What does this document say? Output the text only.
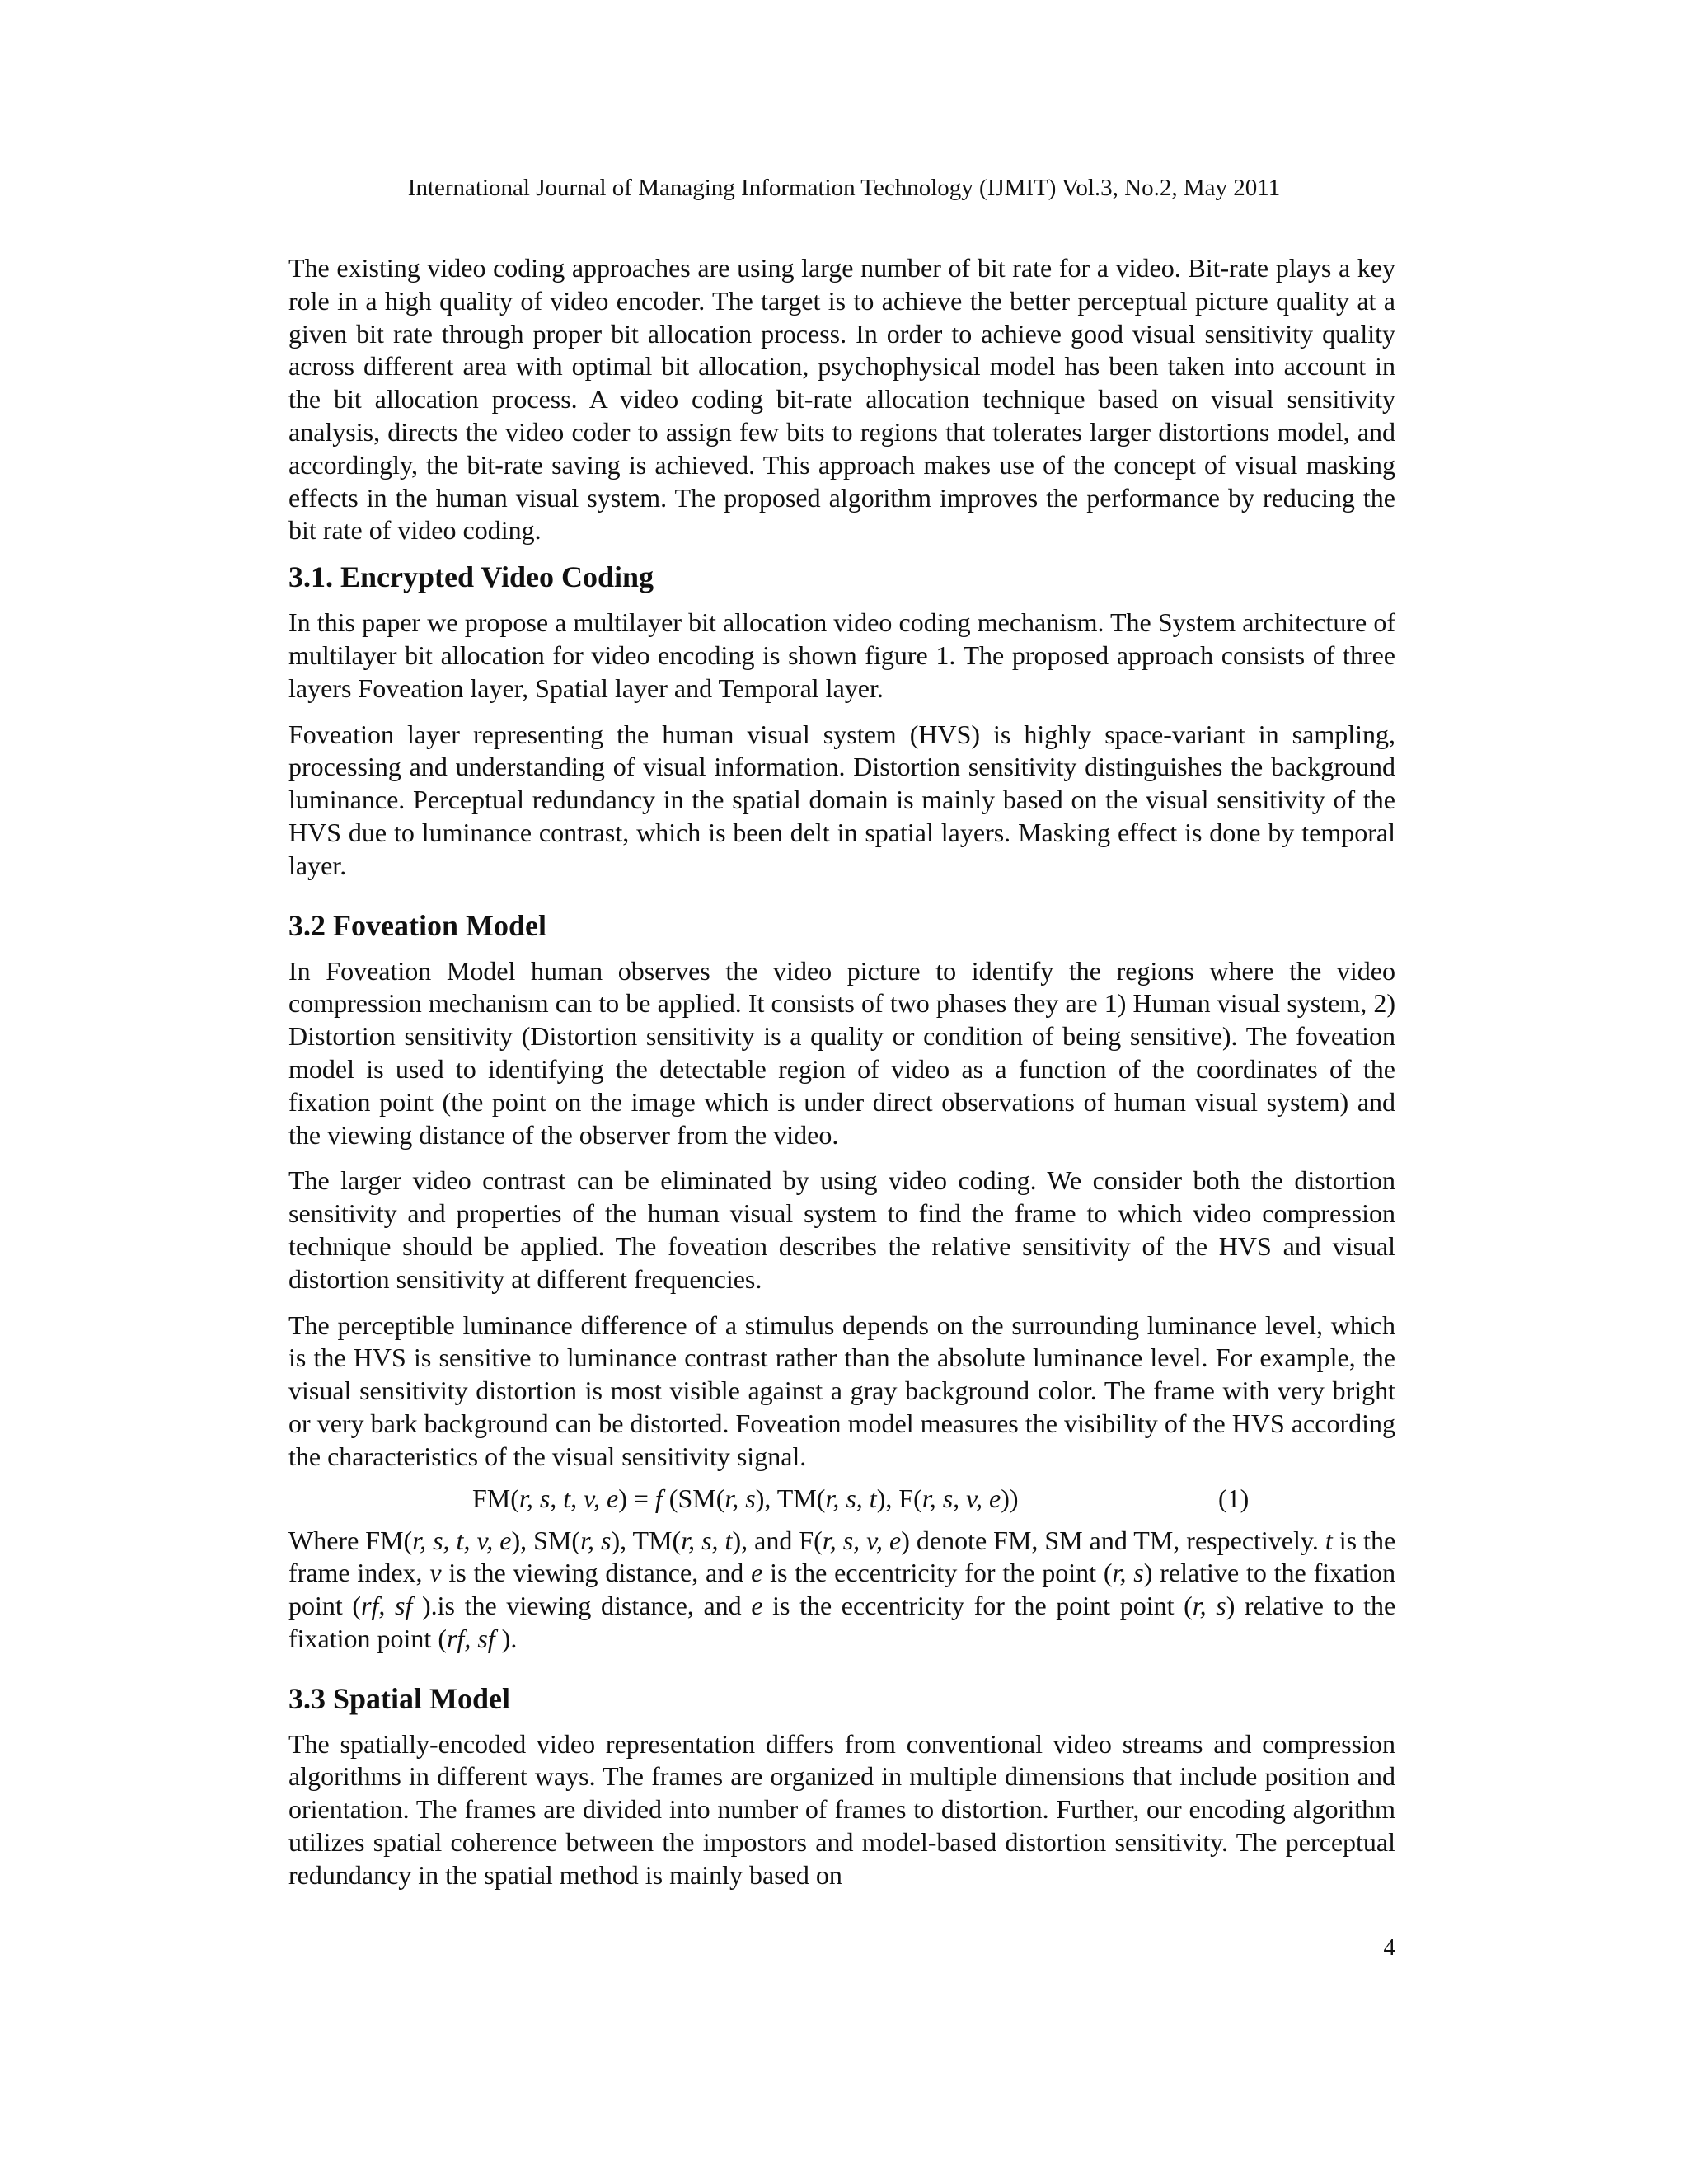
International Journal of Managing Information Technology (IJMIT) Vol.3, No.2, May 2011

The existing video coding approaches are using large number of bit rate for a video. Bit-rate plays a key role in a high quality of video encoder. The target is to achieve the better perceptual picture quality at a given bit rate through proper bit allocation process. In order to achieve good visual sensitivity quality across different area with optimal bit allocation, psychophysical model has been taken into account in the bit allocation process. A video coding bit-rate allocation technique based on visual sensitivity analysis, directs the video coder to assign few bits to regions that tolerates larger distortions model, and accordingly, the bit-rate saving is achieved. This approach makes use of the concept of visual masking effects in the human visual system. The proposed algorithm improves the performance by reducing the bit rate of video coding.

3.1. Encrypted Video Coding

In this paper we propose a multilayer bit allocation video coding mechanism. The System architecture of multilayer bit allocation for video encoding is shown figure 1. The proposed approach consists of three layers Foveation layer, Spatial layer and Temporal layer.

Foveation layer representing the human visual system (HVS) is highly space-variant in sampling, processing and understanding of visual information. Distortion sensitivity distinguishes the background luminance. Perceptual redundancy in the spatial domain is mainly based on the visual sensitivity of the HVS due to luminance contrast, which is been delt in spatial layers. Masking effect is done by temporal layer.

3.2 Foveation Model

In Foveation Model human observes the video picture to identify the regions where the video compression mechanism can to be applied. It consists of two phases they are 1) Human visual system, 2) Distortion sensitivity (Distortion sensitivity is a quality or condition of being sensitive). The foveation model is used to identifying the detectable region of video as a function of the coordinates of the fixation point (the point on the image which is under direct observations of human visual system) and the viewing distance of the observer from the video.

The larger video contrast can be eliminated by using video coding. We consider both the distortion sensitivity and properties of the human visual system to find the frame to which video compression technique should be applied. The foveation describes the relative sensitivity of the HVS and visual distortion sensitivity at different frequencies.

The perceptible luminance difference of a stimulus depends on the surrounding luminance level, which is the HVS is sensitive to luminance contrast rather than the absolute luminance level. For example, the visual sensitivity distortion is most visible against a gray background color. The frame with very bright or very bark background can be distorted. Foveation model measures the visibility of the HVS according the characteristics of the visual sensitivity signal.

FM(r, s, t, v, e) = f (SM(r, s), TM(r, s, t), F(r, s, v, e))	(1)

Where FM(r, s, t, v, e), SM(r, s), TM(r, s, t), and F(r, s, v, e) denote FM, SM and TM, respectively. t is the frame index, v is the viewing distance, and e is the eccentricity for the point (r, s) relative to the fixation point (rf, sf ).is the viewing distance, and e is the eccentricity for the point point (r, s) relative to the fixation point (rf, sf ).

3.3 Spatial Model

The spatially-encoded video representation differs from conventional video streams and compression algorithms in different ways. The frames are organized in multiple dimensions that include position and orientation. The frames are divided into number of frames to distortion. Further, our encoding algorithm utilizes spatial coherence between the impostors and model-based distortion sensitivity. The perceptual redundancy in the spatial method is mainly based on

4
